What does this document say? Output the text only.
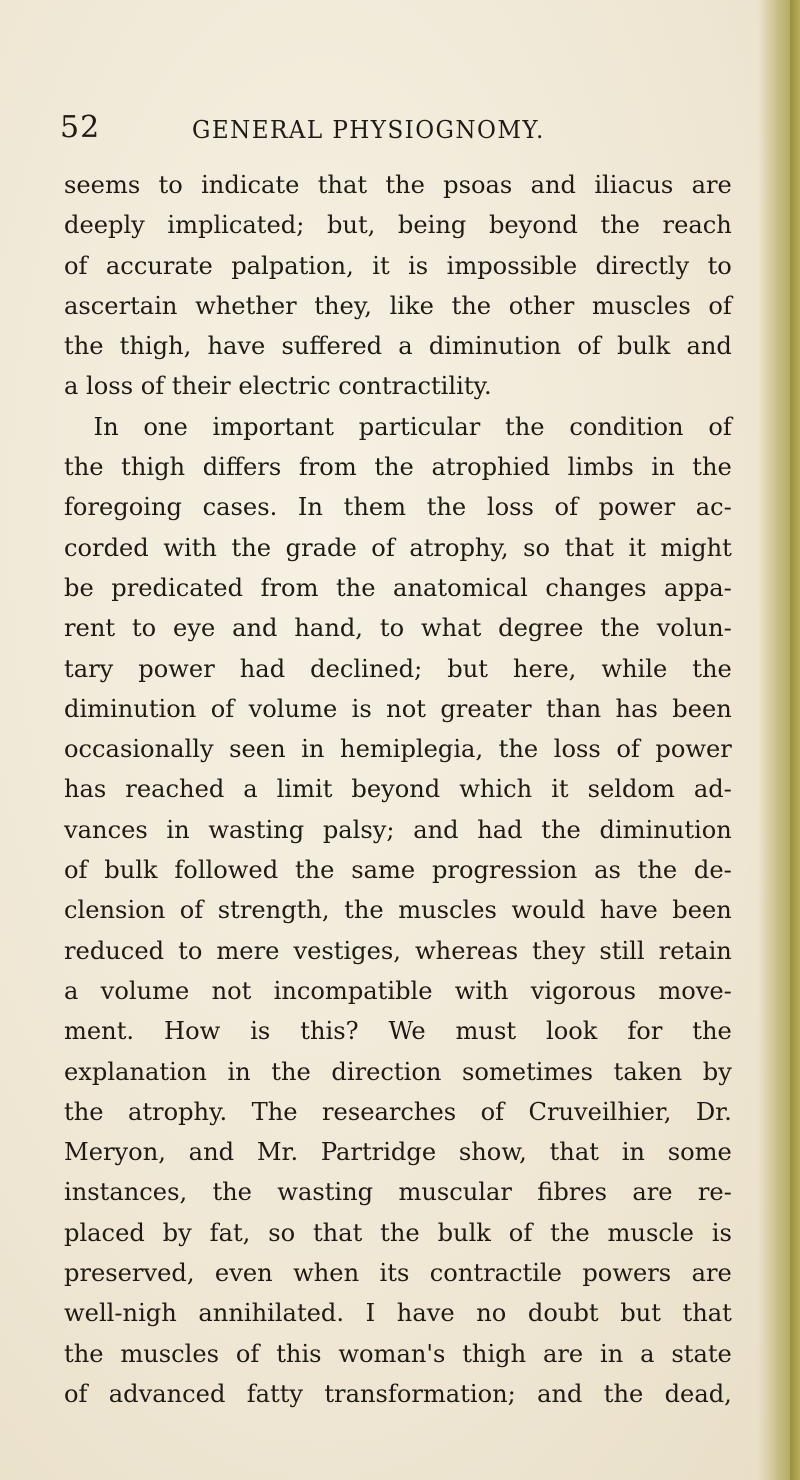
52	GENERAL PHYSIOGNOMY.
seems to indicate that the psoas and iliacus are
deeply implicated; but, being beyond the reach
of accurate palpation, it is impossible directly to
ascertain whether they, like the other muscles of
the thigh, have suffered a diminution of bulk and
a loss of their electric contractility.
In one important particular the condition of
the thigh differs from the atrophied limbs in the
foregoing cases. In them the loss of power ac-
corded with the grade of atrophy, so that it might
be predicated from the anatomical changes appa-
rent to eye and hand, to what degree the volun-
tary power had declined; but here, while the
diminution of volume is not greater than has been
occasionally seen in hemiplegia, the loss of power
has reached a limit beyond which it seldom ad-
vances in wasting palsy; and had the diminution
of bulk followed the same progression as the de-
clension of strength, the muscles would have been
reduced to mere vestiges, whereas they still retain
a volume not incompatible with vigorous move-
ment. How is this? We must look for the
explanation in the direction sometimes taken by
the atrophy. The researches of Cruveilhier, Dr.
Meryon, and Mr. Partridge show, that in some
instances, the wasting muscular fibres are re-
placed by fat, so that the bulk of the muscle is
preserved, even when its contractile powers are
well-nigh annihilated. I have no doubt but that
the muscles of this woman's thigh are in a state
of advanced fatty transformation; and the dead,
